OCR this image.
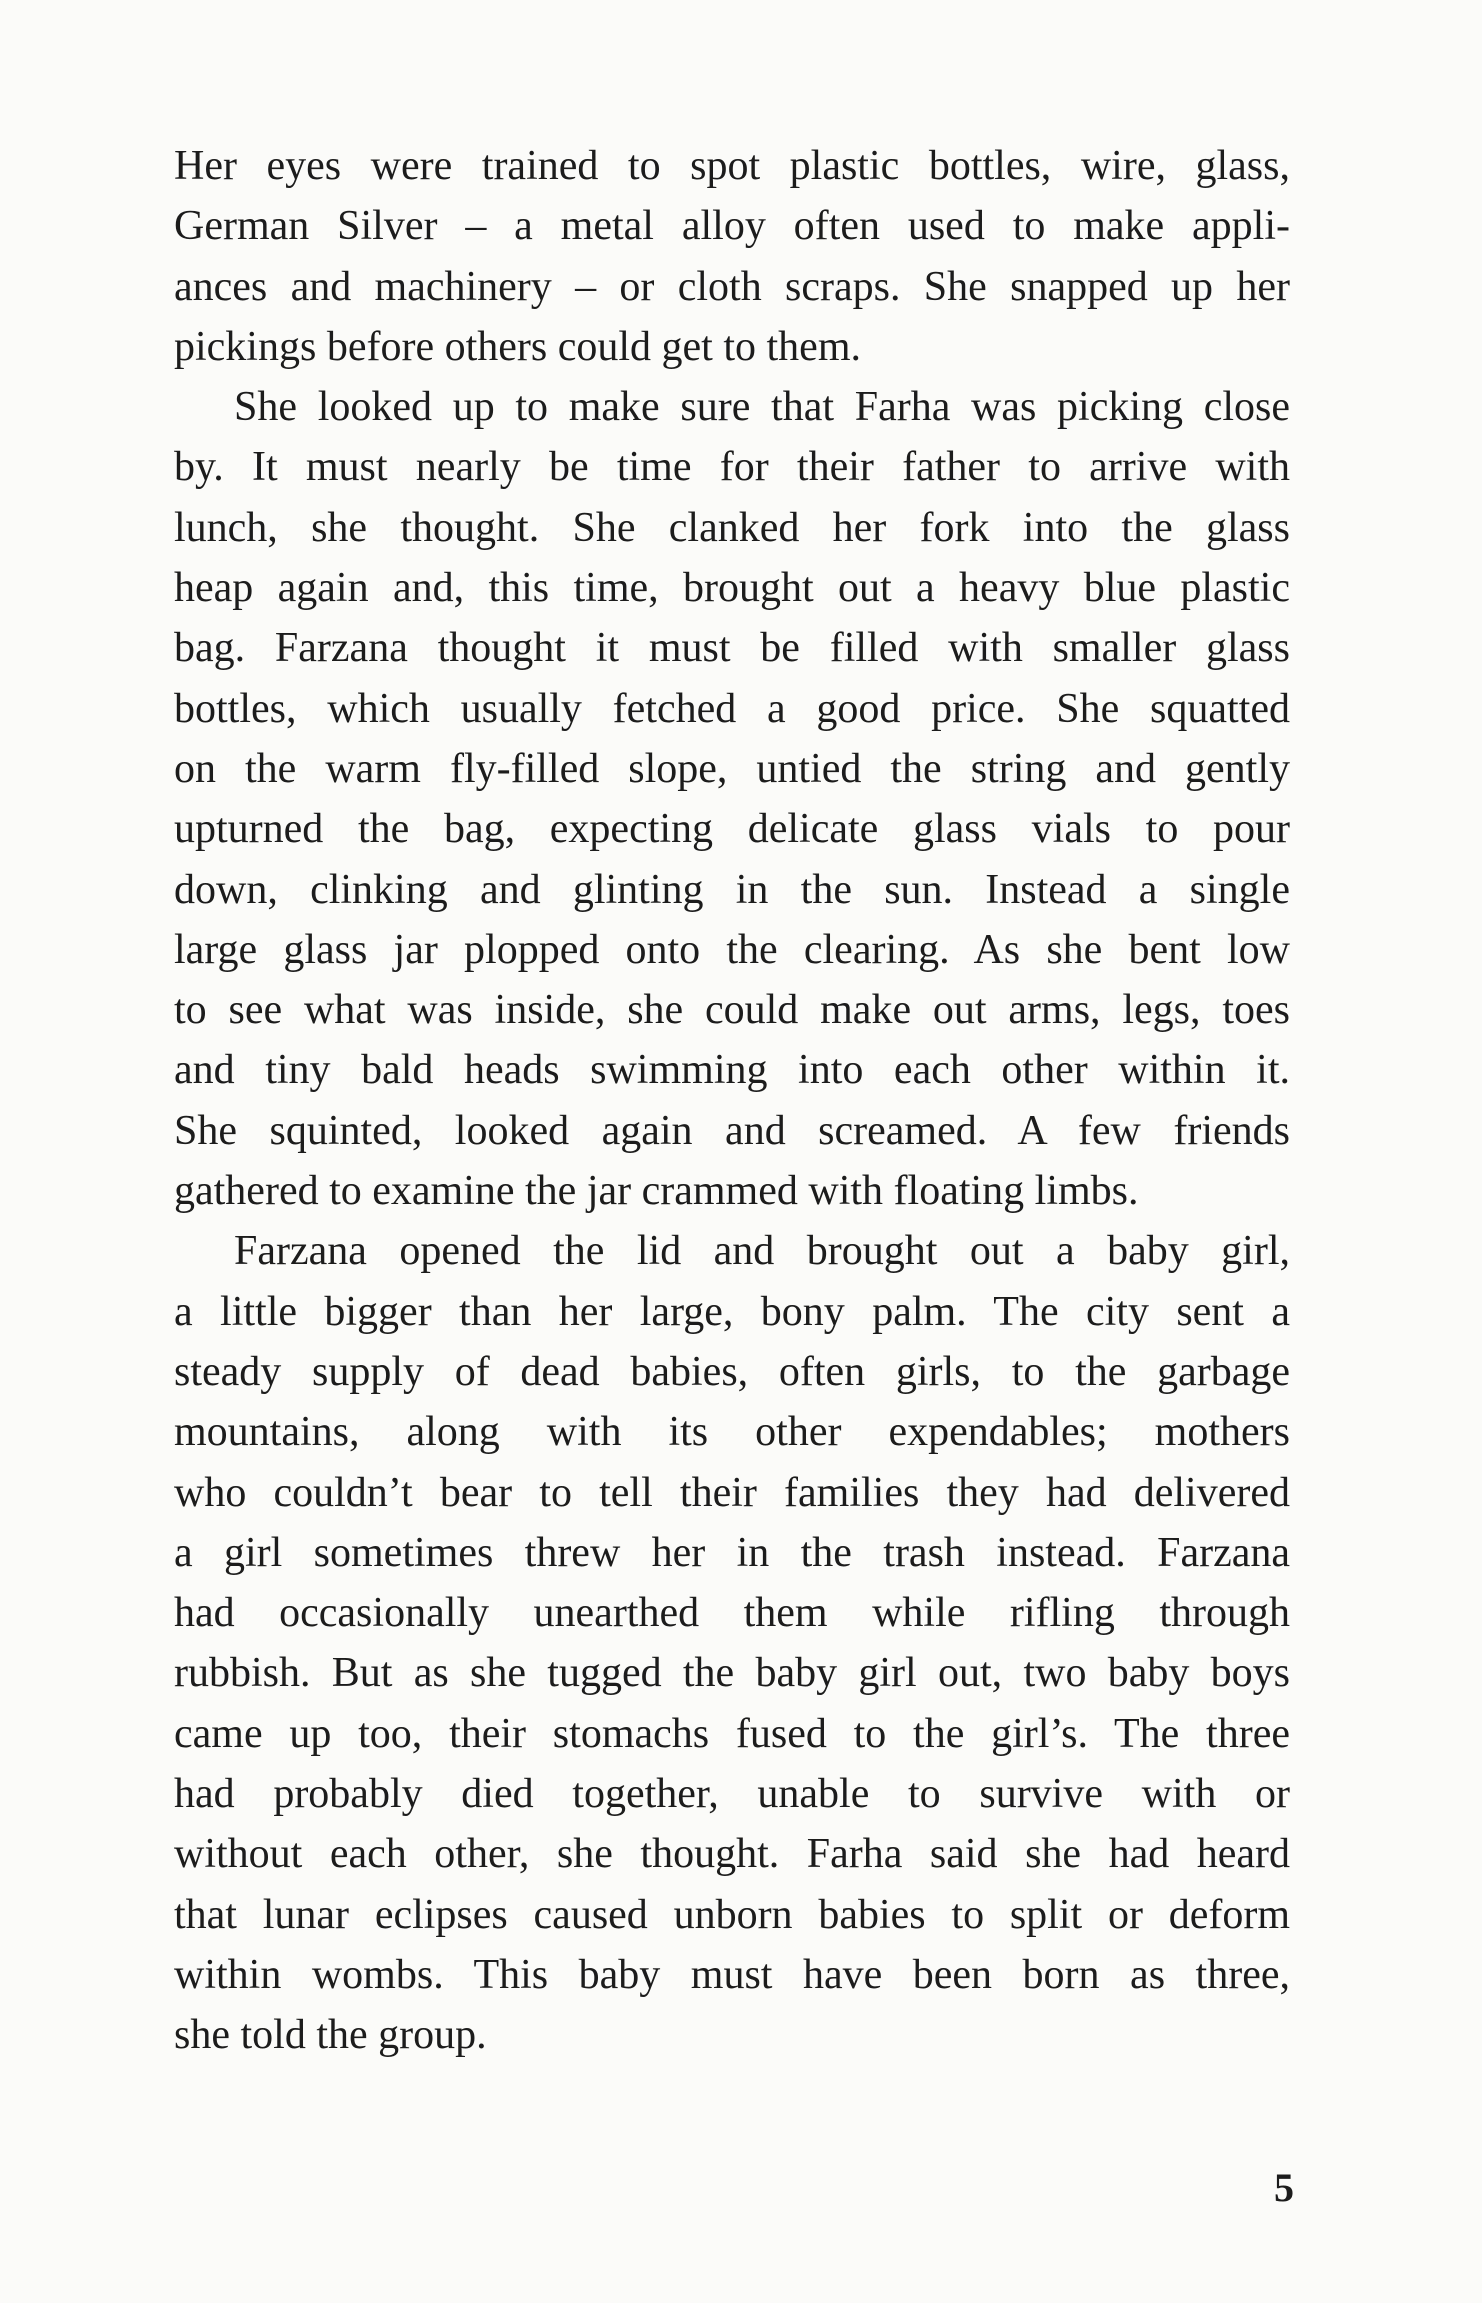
Her eyes were trained to spot plastic bottles, wire, glass,
German Silver – a metal alloy often used to make appli-
ances and machinery – or cloth scraps. She snapped up her
pickings before others could get to them.
She looked up to make sure that Farha was picking close
by. It must nearly be time for their father to arrive with
lunch, she thought. She clanked her fork into the glass
heap again and, this time, brought out a heavy blue plastic
bag. Farzana thought it must be filled with smaller glass
bottles, which usually fetched a good price. She squatted
on the warm fly-filled slope, untied the string and gently
upturned the bag, expecting delicate glass vials to pour
down, clinking and glinting in the sun. Instead a single
large glass jar plopped onto the clearing. As she bent low
to see what was inside, she could make out arms, legs, toes
and tiny bald heads swimming into each other within it.
She squinted, looked again and screamed. A few friends
gathered to examine the jar crammed with floating limbs.
Farzana opened the lid and brought out a baby girl,
a little bigger than her large, bony palm. The city sent a
steady supply of dead babies, often girls, to the garbage
mountains, along with its other expendables; mothers
who couldn’t bear to tell their families they had delivered
a girl sometimes threw her in the trash instead. Farzana
had occasionally unearthed them while rifling through
rubbish. But as she tugged the baby girl out, two baby boys
came up too, their stomachs fused to the girl’s. The three
had probably died together, unable to survive with or
without each other, she thought. Farha said she had heard
that lunar eclipses caused unborn babies to split or deform
within wombs. This baby must have been born as three,
she told the group.
5
